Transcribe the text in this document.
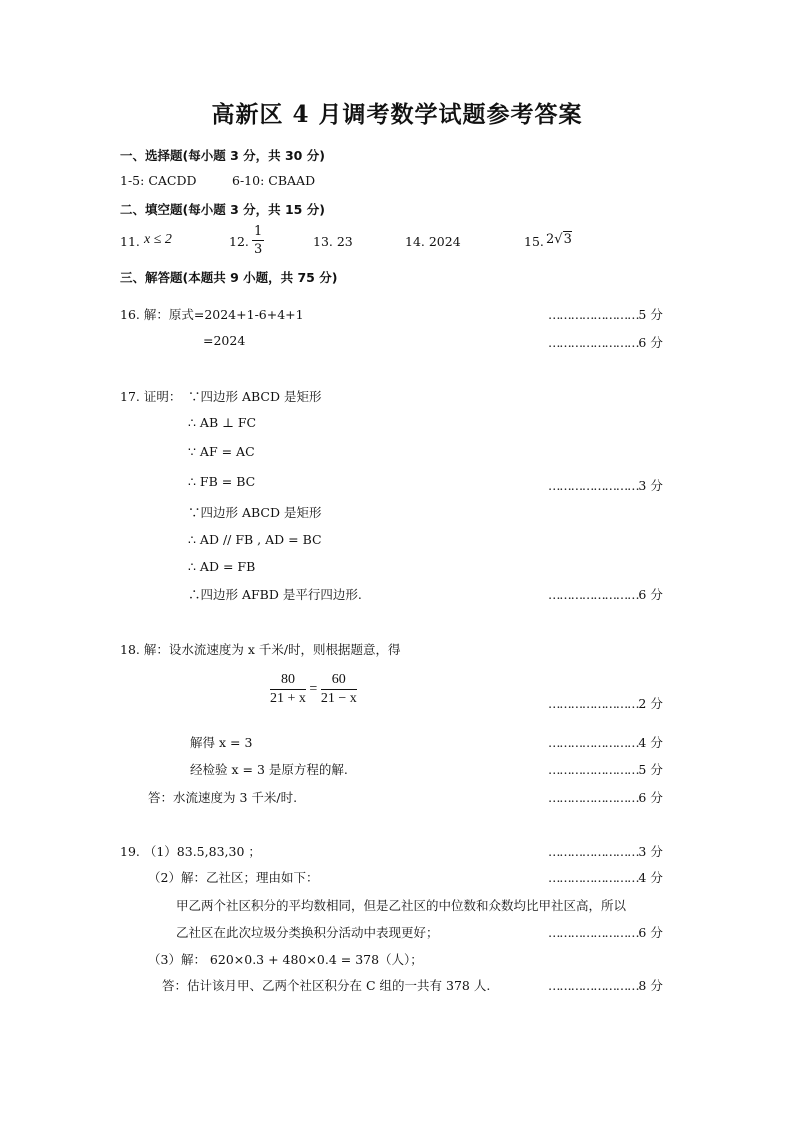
高新区 4 月调考数学试题参考答案
一、选择题(每小题 3 分，共 30 分)
1-5: CACDD	6-10: CBAAD
二、填空题(每小题 3 分，共 15 分)
11. x ≤ 2	12. $\frac{1}{3}$	13. 23	14. 2024	15. 2√3
三、解答题(本题共 9 小题，共 75 分)
16. 解：原式=2024+1-6+4+1	……………………5 分
=2024	……………………6 分
17. 证明： ∵四边形 ABCD 是矩形
∴ AB ⊥ FC
∵ AF = AC
∴ FB = BC	……………………3 分
∵四边形 ABCD 是矩形
∴ AD // FB , AD = BC
∴ AD = FB
∴四边形 AFBD 是平行四边形.	……………………6 分
18. 解：设水流速度为 x 千米/时，则根据题意，得
$\frac{80}{21 + x} = \frac{60}{21 - x}$	……………………2 分
解得 x = 3	……………………4 分
经检验 x = 3 是原方程的解.	……………………5 分
答：水流速度为 3 千米/时.	……………………6 分
19. （1）83.5,83,30 ；	……………………3 分
（2）解：乙社区；理由如下：	……………………4 分
甲乙两个社区积分的平均数相同，但是乙社区的中位数和众数均比甲社区高，所以
乙社区在此次垃圾分类换积分活动中表现更好；	……………………6 分
（3）解： 620×0.3 + 480×0.4 = 378（人）；
答：估计该月甲、乙两个社区积分在 C 组的一共有 378 人.	……………………8 分
